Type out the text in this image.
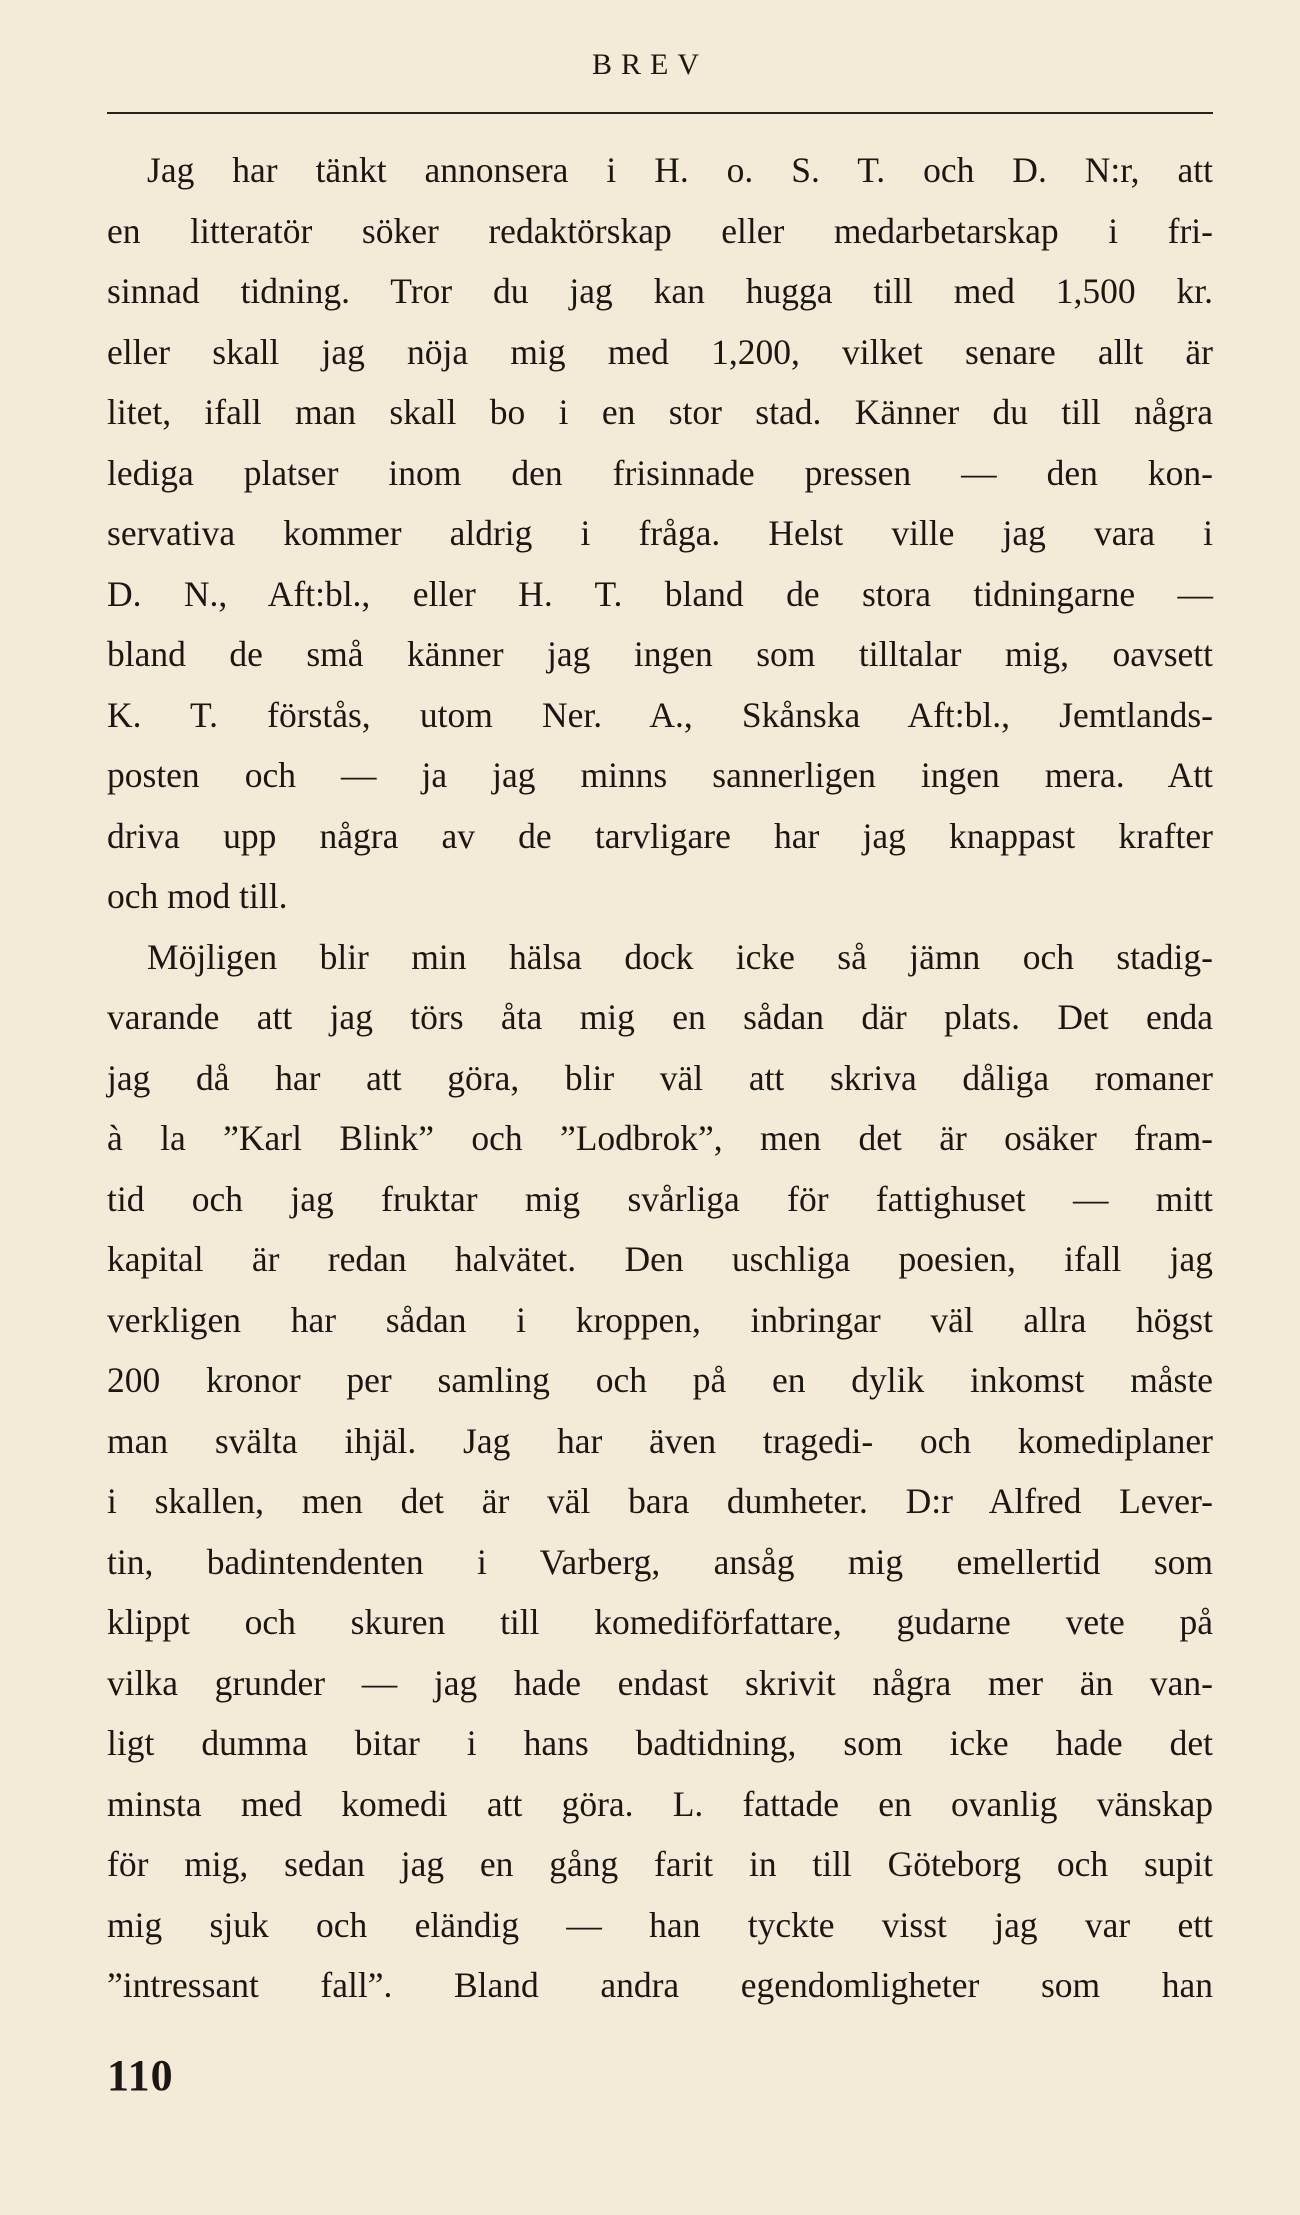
BREV
Jag har tänkt annonsera i H. o. S. T. och D. N:r, att
en litteratör söker redaktörskap eller medarbetarskap i fri-
sinnad tidning. Tror du jag kan hugga till med 1,500 kr.
eller skall jag nöja mig med 1,200, vilket senare allt är
litet, ifall man skall bo i en stor stad. Känner du till några
lediga platser inom den frisinnade pressen — den kon-
servativa kommer aldrig i fråga. Helst ville jag vara i
D. N., Aft:bl., eller H. T. bland de stora tidningarne —
bland de små känner jag ingen som tilltalar mig, oavsett
K. T. förstås, utom Ner. A., Skånska Aft:bl., Jemtlands-
posten och — ja jag minns sannerligen ingen mera. Att
driva upp några av de tarvligare har jag knappast krafter
och mod till.
Möjligen blir min hälsa dock icke så jämn och stadig-
varande att jag törs åta mig en sådan där plats. Det enda
jag då har att göra, blir väl att skriva dåliga romaner
à la ”Karl Blink” och ”Lodbrok”, men det är osäker fram-
tid och jag fruktar mig svårliga för fattighuset — mitt
kapital är redan halvätet. Den uschliga poesien, ifall jag
verkligen har sådan i kroppen, inbringar väl allra högst
200 kronor per samling och på en dylik inkomst måste
man svälta ihjäl. Jag har även tragedi- och komediplaner
i skallen, men det är väl bara dumheter. D:r Alfred Lever-
tin, badintendenten i Varberg, ansåg mig emellertid som
klippt och skuren till komediförfattare, gudarne vete på
vilka grunder — jag hade endast skrivit några mer än van-
ligt dumma bitar i hans badtidning, som icke hade det
minsta med komedi att göra. L. fattade en ovanlig vänskap
för mig, sedan jag en gång farit in till Göteborg och supit
mig sjuk och eländig — han tyckte visst jag var ett
”intressant fall”. Bland andra egendomligheter som han
110
